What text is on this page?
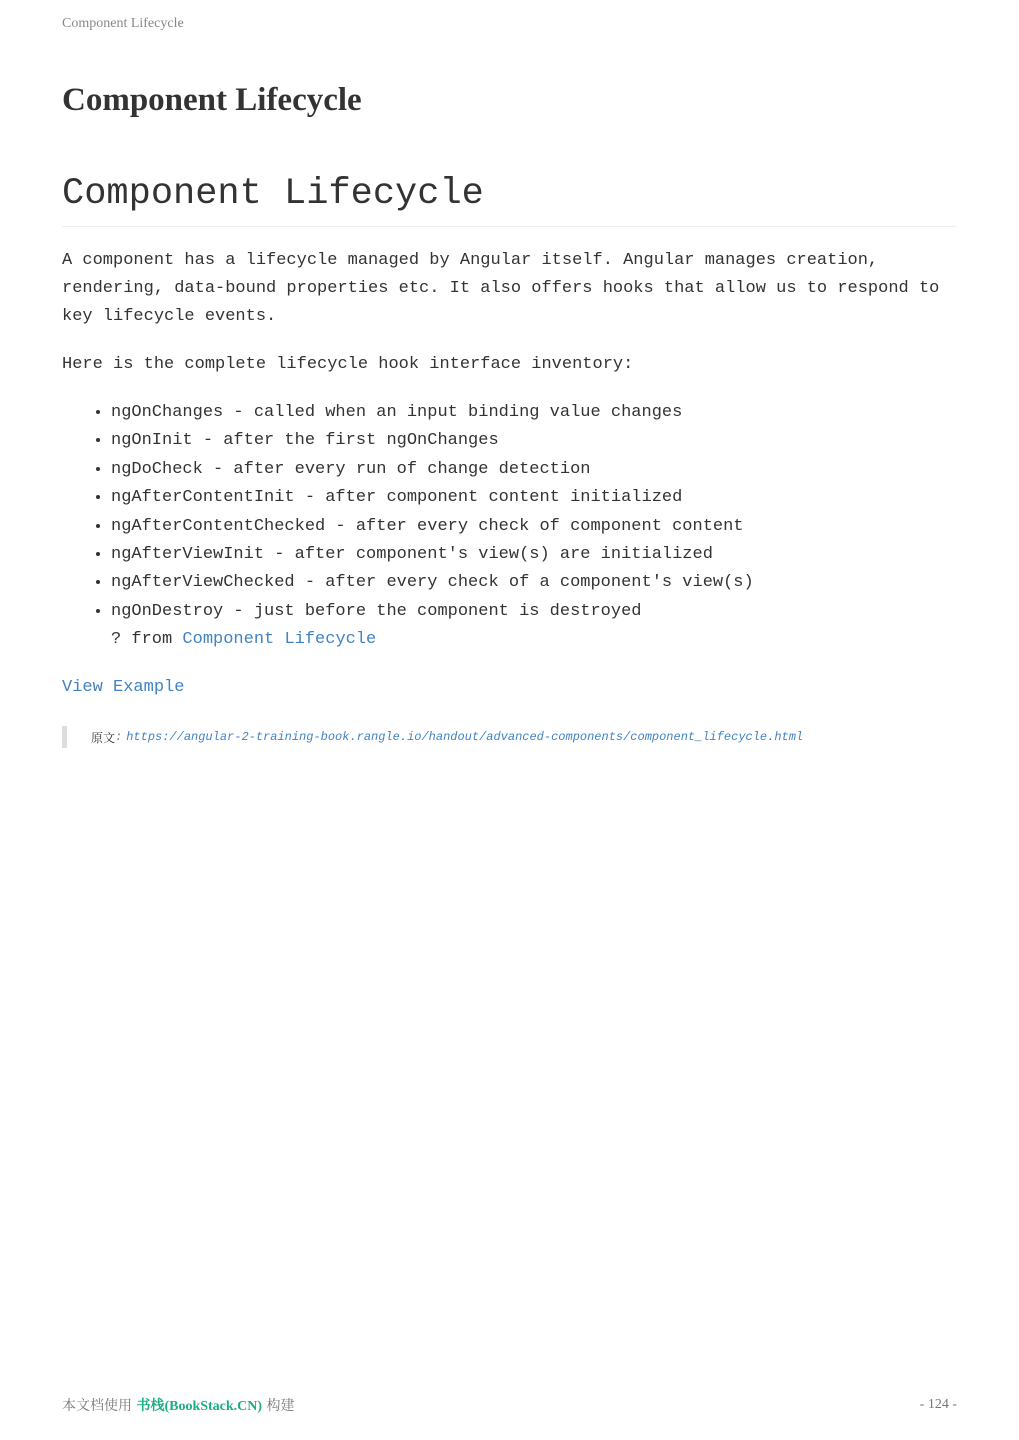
Component Lifecycle
Component Lifecycle
Component Lifecycle

A component has a lifecycle managed by Angular itself. Angular manages creation, rendering, data-bound properties etc. It also offers hooks that allow us to respond to key lifecycle events.

Here is the complete lifecycle hook interface inventory:

• ngOnChanges - called when an input binding value changes
• ngOnInit - after the first ngOnChanges
• ngDoCheck - after every run of change detection
• ngAfterContentInit - after component content initialized
• ngAfterContentChecked - after every check of component content
• ngAfterViewInit - after component's view(s) are initialized
• ngAfterViewChecked - after every check of a component's view(s)
• ngOnDestroy - just before the component is destroyed
? from Component Lifecycle
View Example
原文 : https://angular-2-training-book.rangle.io/handout/advanced-components/component_lifecycle.html
本文档使用 书栈(BookStack.CN) 构建	- 124 -
